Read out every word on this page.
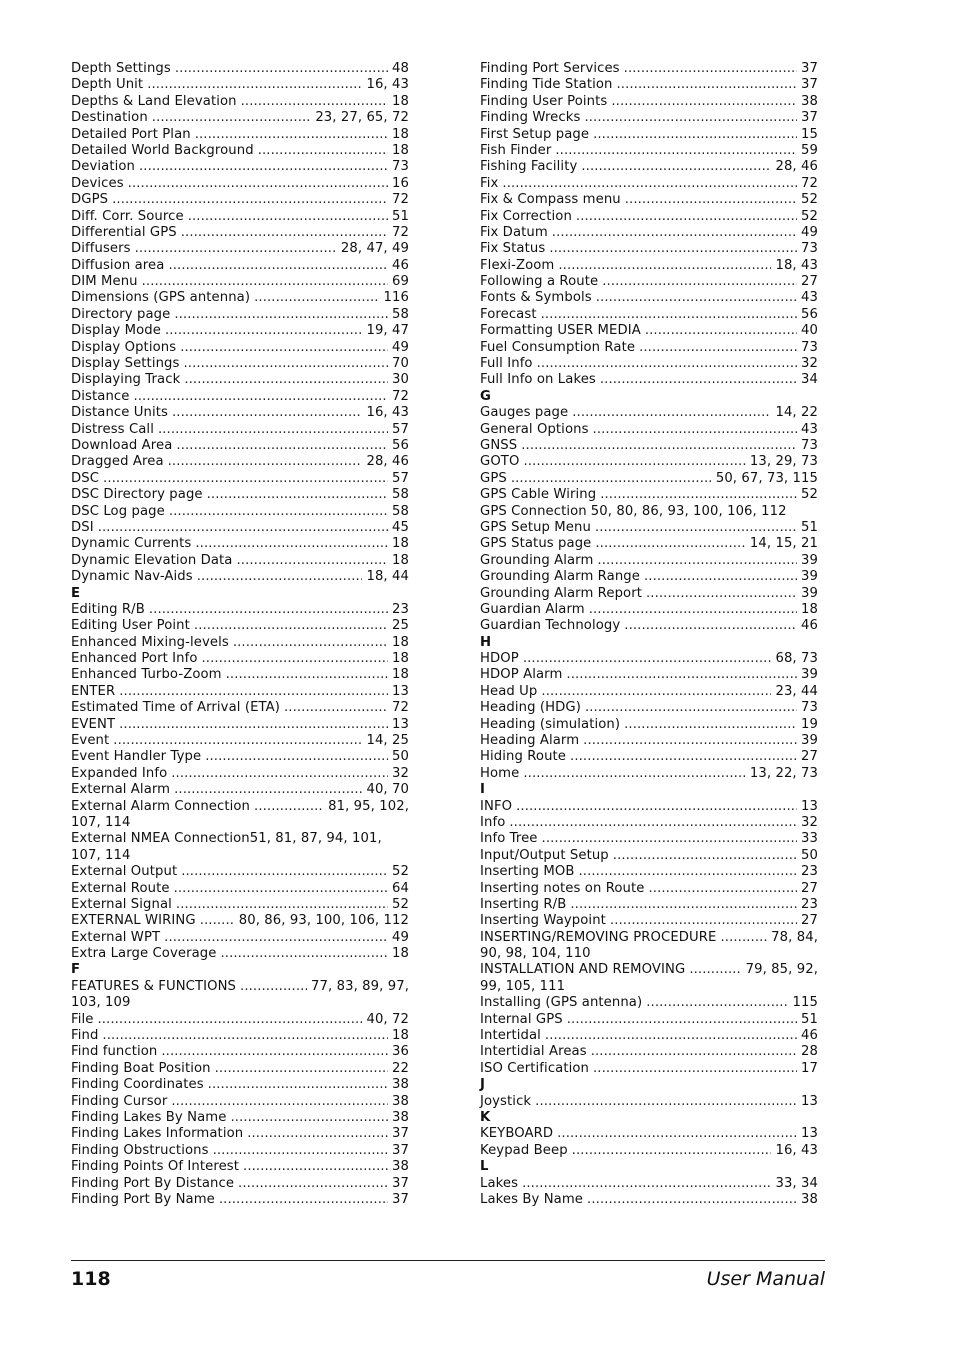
Depth Settings .....	48
Depth Unit .....	16, 43
Depths & Land Elevation .....	18
Destination .....	23, 27, 65, 72
Detailed Port Plan .....	18
Detailed World Background .....	18
Deviation .....	73
Devices .....	16
DGPS .....	72
Diff. Corr. Source .....	51
Differential GPS .....	72
Diffusers .....	28, 47, 49
Diffusion area .....	46
DIM Menu .....	69
Dimensions (GPS antenna) .....	116
Directory page .....	58
Display Mode .....	19, 47
Display Options .....	49
Display Settings .....	70
Displaying Track .....	30
Distance .....	72
Distance Units .....	16, 43
Distress Call .....	57
Download Area .....	56
Dragged Area .....	28, 46
DSC .....	57
DSC Directory page .....	58
DSC Log page .....	58
DSI .....	45
Dynamic Currents .....	18
Dynamic Elevation Data .....	18
Dynamic Nav-Aids .....	18, 44
E
Editing R/B .....	23
Editing User Point .....	25
Enhanced Mixing-levels .....	18
Enhanced Port Info .....	18
Enhanced Turbo-Zoom .....	18
ENTER .....	13
Estimated Time of Arrival (ETA) .....	72
EVENT .....	13
Event .....	14, 25
Event Handler Type .....	50
Expanded Info .....	32
External Alarm .....	40, 70
External Alarm Connection .....	81, 95, 102,
107, 114
External NMEA Connection 51, 81, 87, 94, 101,
107, 114
External Output .....	52
External Route .....	64
External Signal .....	52
EXTERNAL WIRING .....	80, 86, 93, 100, 106, 112
External WPT .....	49
Extra Large Coverage .....	18
F
FEATURES & FUNCTIONS .....	77, 83, 89, 97,
103, 109
File .....	40, 72
Find .....	18
Find function .....	36
Finding Boat Position .....	22
Finding Coordinates .....	38
Finding Cursor .....	38
Finding Lakes By Name .....	38
Finding Lakes Information .....	37
Finding Obstructions .....	37
Finding Points Of Interest .....	38
Finding Port By Distance .....	37
Finding Port By Name .....	37
Finding Port Services .....	37
Finding Tide Station .....	37
Finding User Points .....	38
Finding Wrecks .....	37
First Setup page .....	15
Fish Finder .....	59
Fishing Facility .....	28, 46
Fix .....	72
Fix & Compass menu .....	52
Fix Correction .....	52
Fix Datum .....	49
Fix Status .....	73
Flexi-Zoom .....	18, 43
Following a Route .....	27
Fonts & Symbols .....	43
Forecast .....	56
Formatting USER MEDIA .....	40
Fuel Consumption Rate .....	73
Full Info .....	32
Full Info on Lakes .....	34
G
Gauges page .....	14, 22
General Options .....	43
GNSS .....	73
GOTO .....	13, 29, 73
GPS .....	50, 67, 73, 115
GPS Cable Wiring .....	52
GPS Connection 50, 80, 86, 93, 100, 106, 112
GPS Setup Menu .....	51
GPS Status page .....	14, 15, 21
Grounding Alarm .....	39
Grounding Alarm Range .....	39
Grounding Alarm Report .....	39
Guardian Alarm .....	18
Guardian Technology .....	46
H
HDOP .....	68, 73
HDOP Alarm .....	39
Head Up .....	23, 44
Heading (HDG) .....	73
Heading (simulation) .....	19
Heading Alarm .....	39
Hiding Route .....	27
Home .....	13, 22, 73
I
INFO .....	13
Info .....	32
Info Tree .....	33
Input/Output Setup .....	50
Inserting MOB .....	23
Inserting notes on Route .....	27
Inserting R/B .....	23
Inserting Waypoint .....	27
INSERTING/REMOVING PROCEDURE .....	78, 84,
90, 98, 104, 110
INSTALLATION AND REMOVING .....	79, 85, 92,
99, 105, 111
Installing (GPS antenna) .....	115
Internal GPS .....	51
Intertidal .....	46
Intertidial Areas .....	28
ISO Certification .....	17
J
Joystick .....	13
K
KEYBOARD .....	13
Keypad Beep .....	16, 43
L
Lakes .....	33, 34
Lakes By Name .....	38
118	User Manual
